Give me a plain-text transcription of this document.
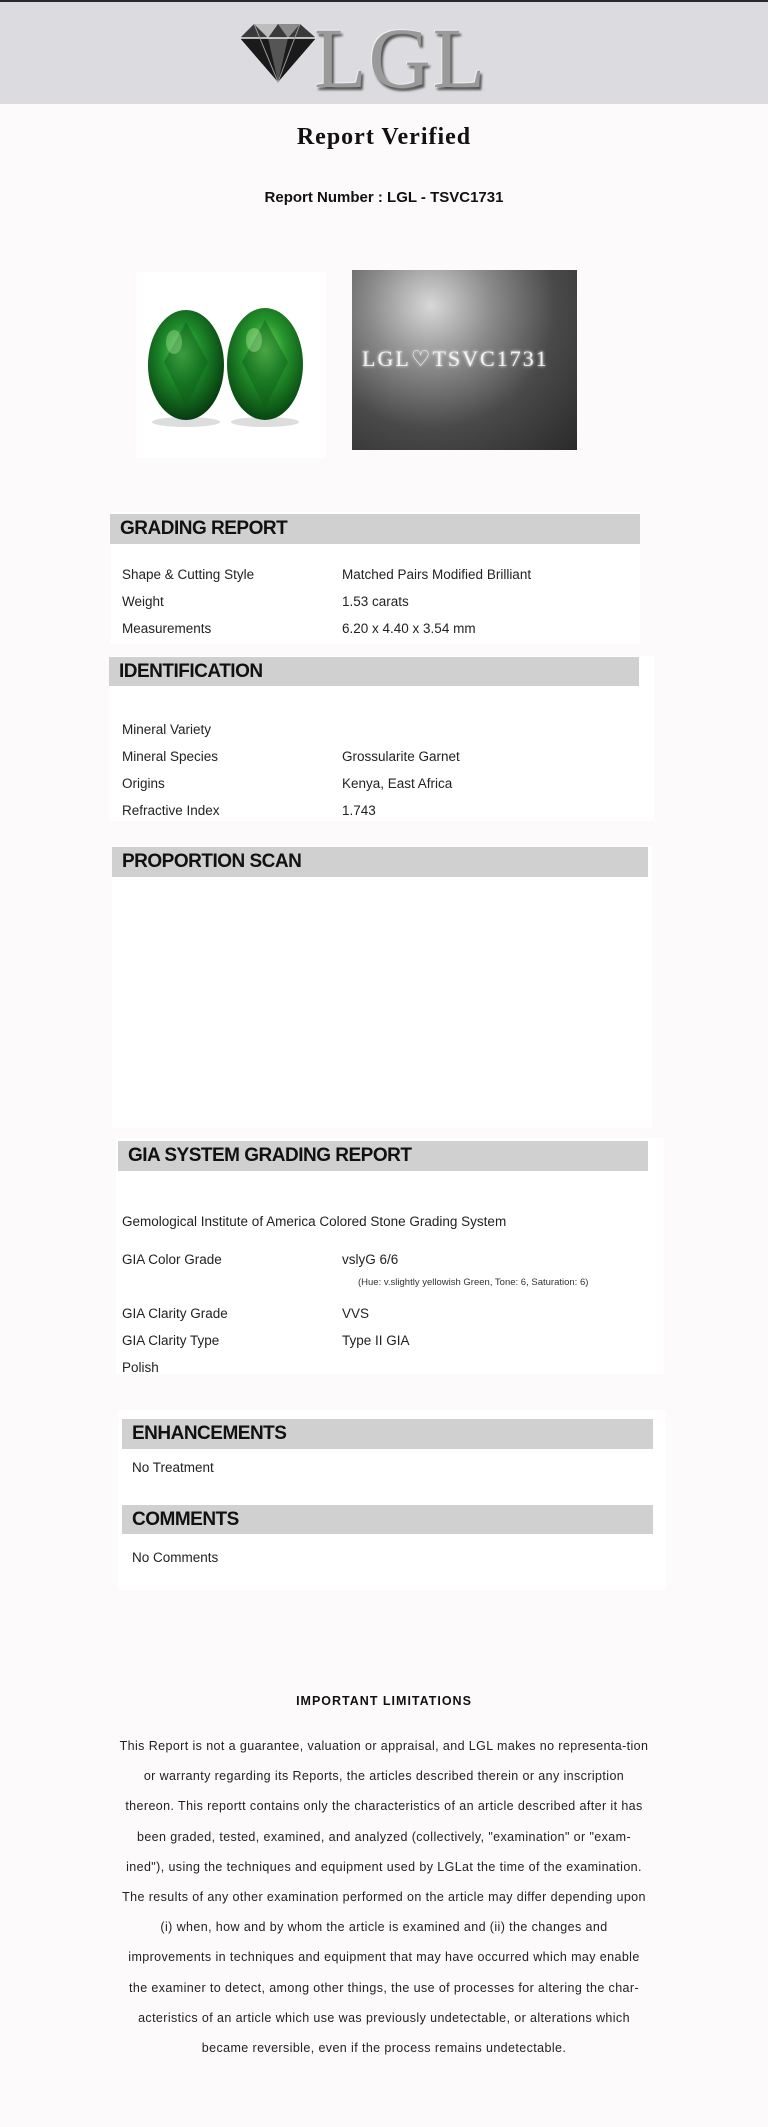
LGL
Report Verified
Report Number : LGL - TSVC1731
LGL♡TSVC1731
GRADING REPORT
Shape & Cutting Style	Matched Pairs Modified Brilliant
Weight	1.53 carats
Measurements	6.20 x 4.40 x 3.54 mm
IDENTIFICATION
Mineral Variety
Mineral Species	Grossularite Garnet
Origins	Kenya, East Africa
Refractive Index	1.743
PROPORTION SCAN
GIA SYSTEM GRADING REPORT
Gemological Institute of America Colored Stone Grading System
GIA Color Grade	vslyG 6/6
(Hue: v.slightly yellowish Green, Tone: 6, Saturation: 6)
GIA Clarity Grade	VVS
GIA Clarity Type	Type II GIA
Polish
ENHANCEMENTS
No Treatment
COMMENTS
No Comments
IMPORTANT LIMITATIONS
This Report is not a guarantee, valuation or appraisal, and LGL makes no representa-tion or warranty regarding its Reports, the articles described therein or any inscription thereon. This reportt contains only the characteristics of an article described after it has been graded, tested, examined, and analyzed (collectively, "examination" or "exam-ined"), using the techniques and equipment used by LGLat the time of the examination. The results of any other examination performed on the article may differ depending upon (i) when, how and by whom the article is examined and (ii) the changes and improvements in techniques and equipment that may have occurred which may enable the examiner to detect, among other things, the use of processes for altering the char-acteristics of an article which use was previously undetectable, or alterations which became reversible, even if the process remains undetectable.
